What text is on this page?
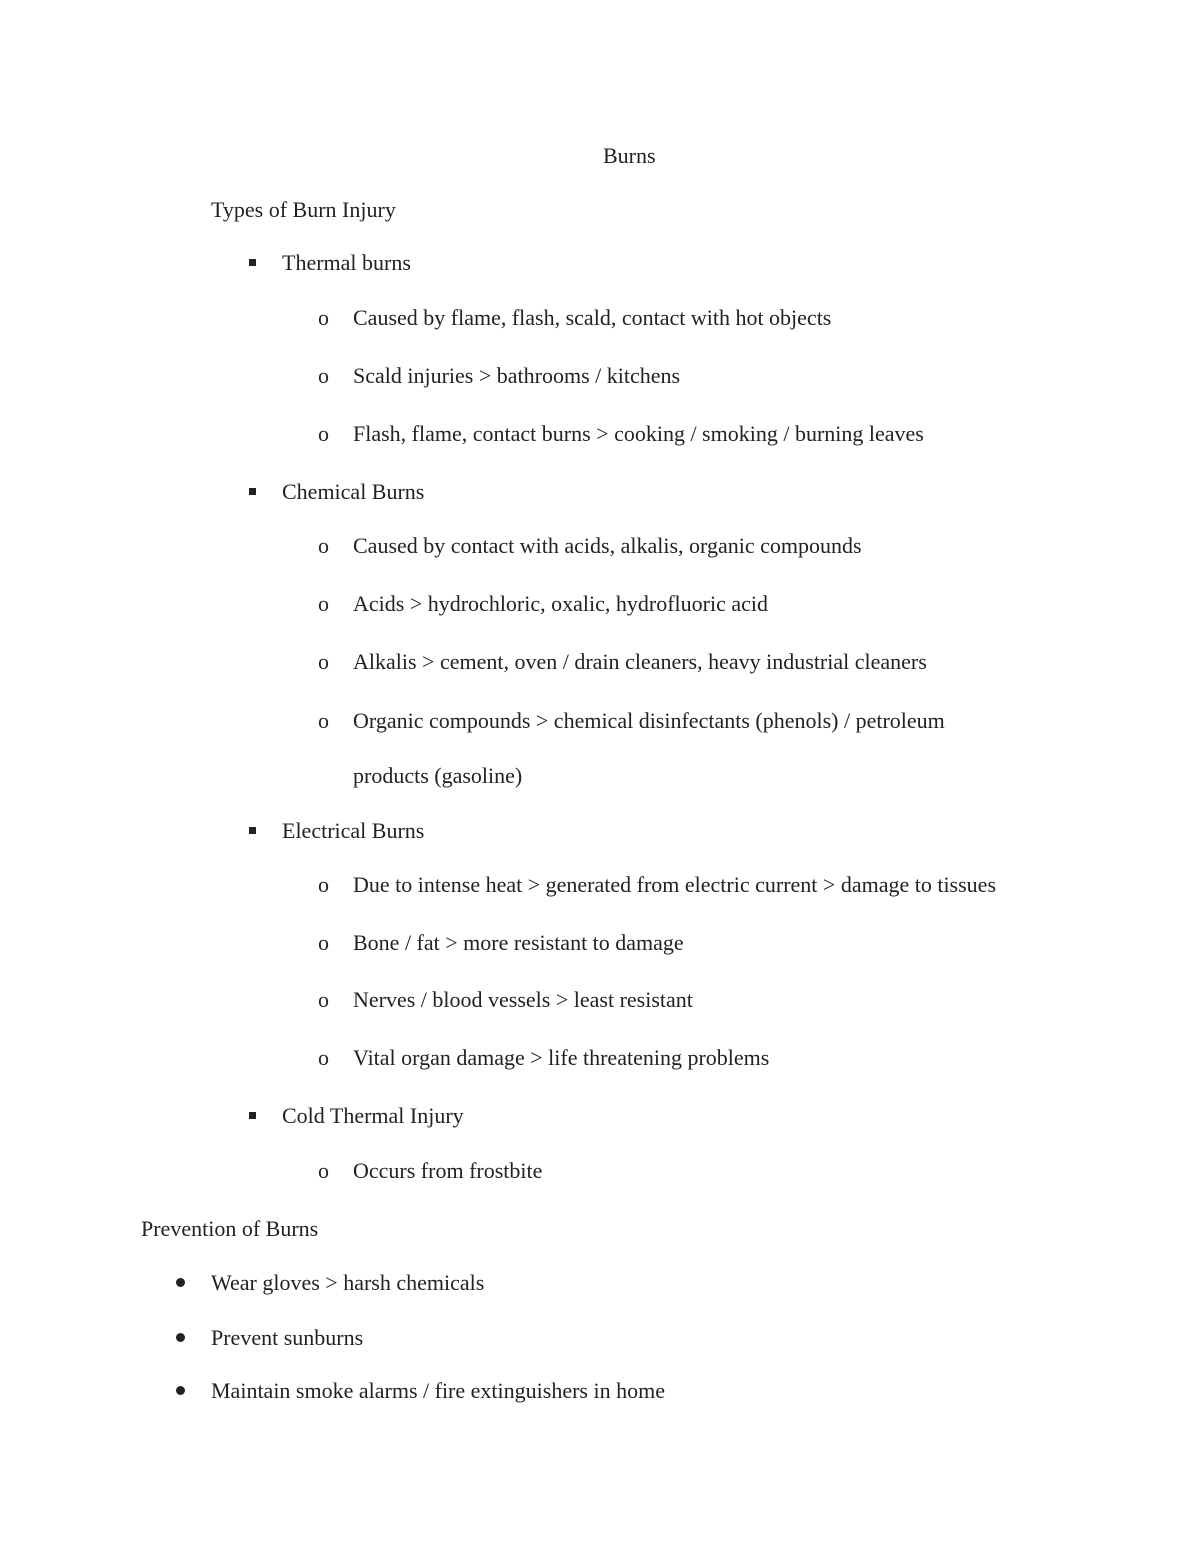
Burns
Types of Burn Injury
Thermal burns
o Caused by flame, flash, scald, contact with hot objects
o Scald injuries > bathrooms / kitchens
o Flash, flame, contact burns > cooking / smoking / burning leaves
Chemical Burns
o Caused by contact with acids, alkalis, organic compounds
o Acids > hydrochloric, oxalic, hydrofluoric acid
o Alkalis > cement, oven / drain cleaners, heavy industrial cleaners
o Organic compounds > chemical disinfectants (phenols) / petroleum
products (gasoline)
Electrical Burns
o Due to intense heat > generated from electric current > damage to tissues
o Bone / fat > more resistant to damage
o Nerves / blood vessels > least resistant
o Vital organ damage > life threatening problems
Cold Thermal Injury
o Occurs from frostbite
Prevention of Burns
Wear gloves > harsh chemicals
Prevent sunburns
Maintain smoke alarms / fire extinguishers in home
